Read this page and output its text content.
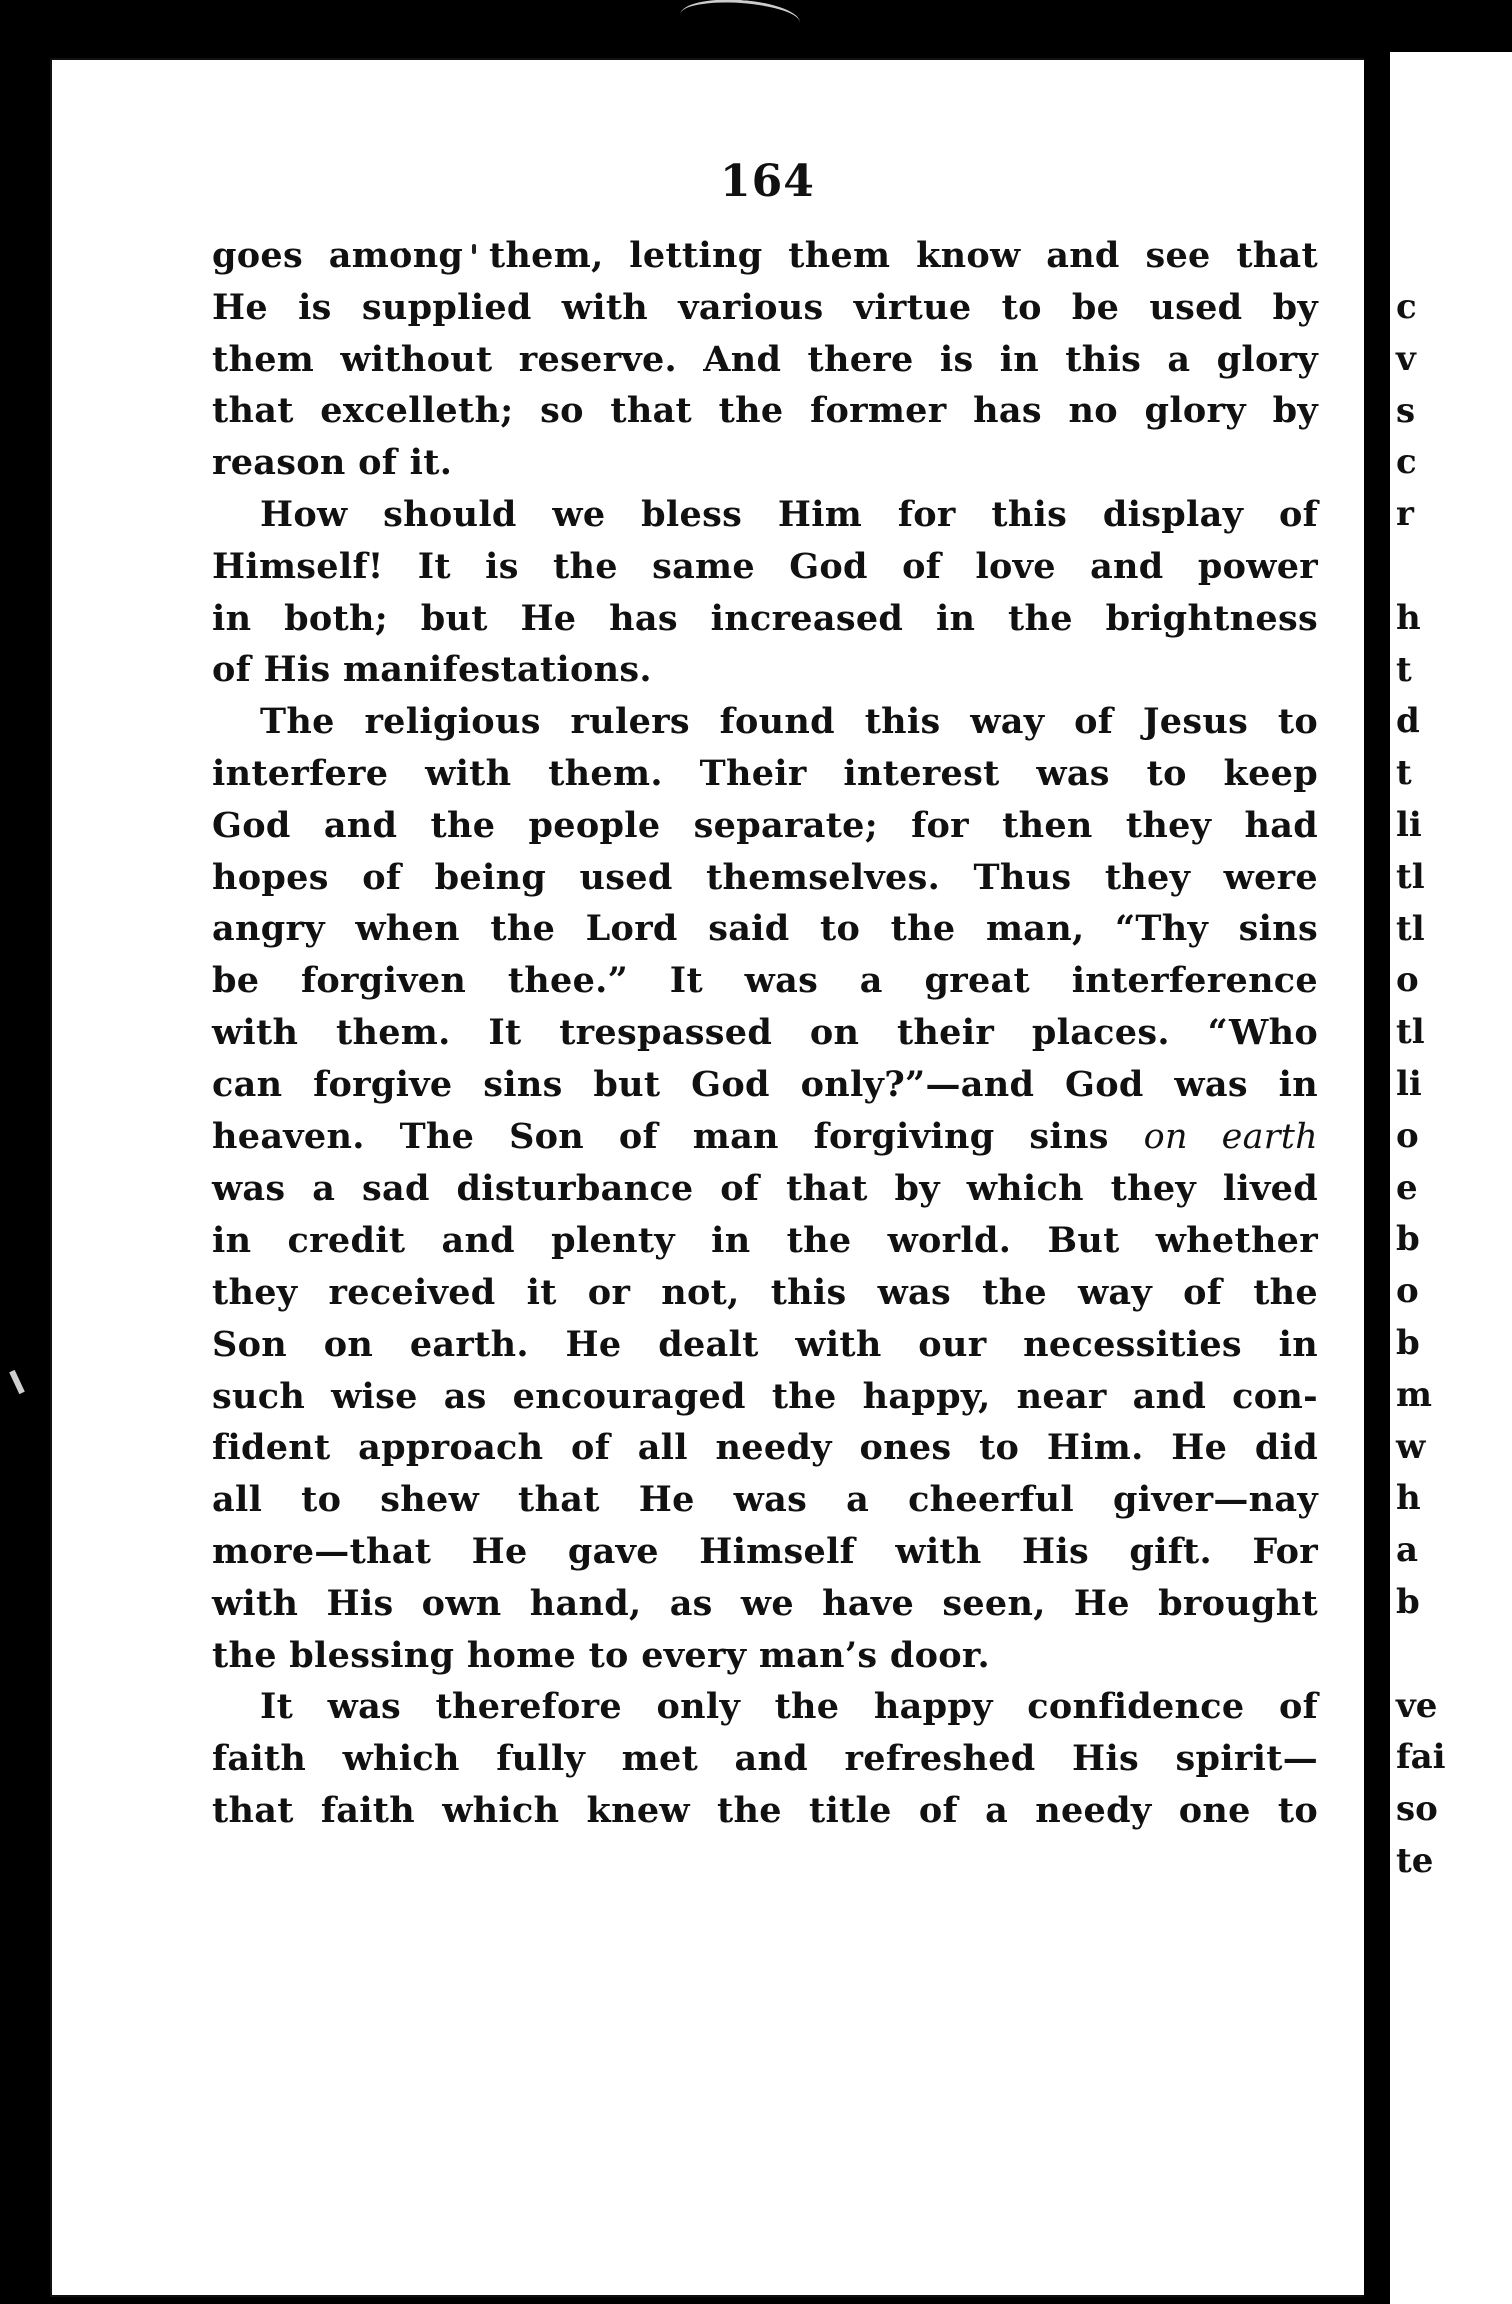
164
goes among them, letting them know and see that
He is supplied with various virtue to be used by
them without reserve. And there is in this a glory
that excelleth; so that the former has no glory by
reason of it.
How should we bless Him for this display of
Himself! It is the same God of love and power
in both; but He has increased in the brightness
of His manifestations.
The religious rulers found this way of Jesus to
interfere with them. Their interest was to keep
God and the people separate; for then they had
hopes of being used themselves. Thus they were
angry when the Lord said to the man, “Thy sins
be forgiven thee.” It was a great interference
with them. It trespassed on their places. “Who
can forgive sins but God only?”—and God was in
heaven. The Son of man forgiving sins on earth
was a sad disturbance of that by which they lived
in credit and plenty in the world. But whether
they received it or not, this was the way of the
Son on earth. He dealt with our necessities in
such wise as encouraged the happy, near and con-
fident approach of all needy ones to Him. He did
all to shew that He was a cheerful giver—nay
more—that He gave Himself with His gift. For
with His own hand, as we have seen, He brought
the blessing home to every man’s door.
It was therefore only the happy confidence of
faith which fully met and refreshed His spirit—
that faith which knew the title of a needy one to
c
v
s
c
r

h
t
d
t
li
tl
tl
o
tl
li
o
e
b
o
b
m
w
h
a
b

ve
fai
so
te
